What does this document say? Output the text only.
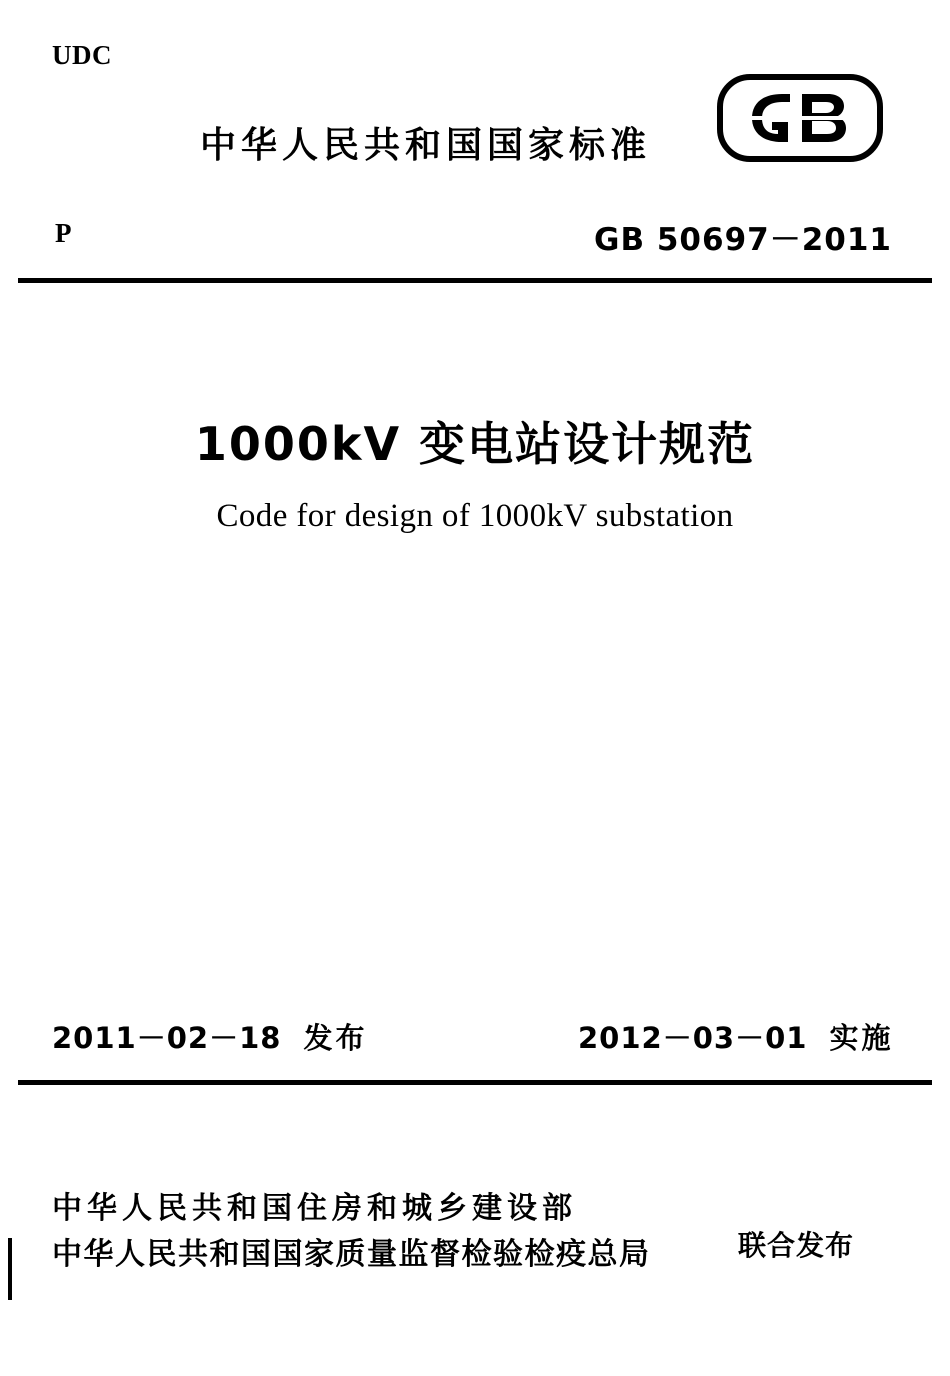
UDC
中华人民共和国国家标准
P	GB 50697－2011
1000kV 变电站设计规范
Code for design of 1000kV substation
2011－02－18 发布	2012－03－01 实施
中华人民共和国住房和城乡建设部
中华人民共和国国家质量监督检验检疫总局	联合发布
